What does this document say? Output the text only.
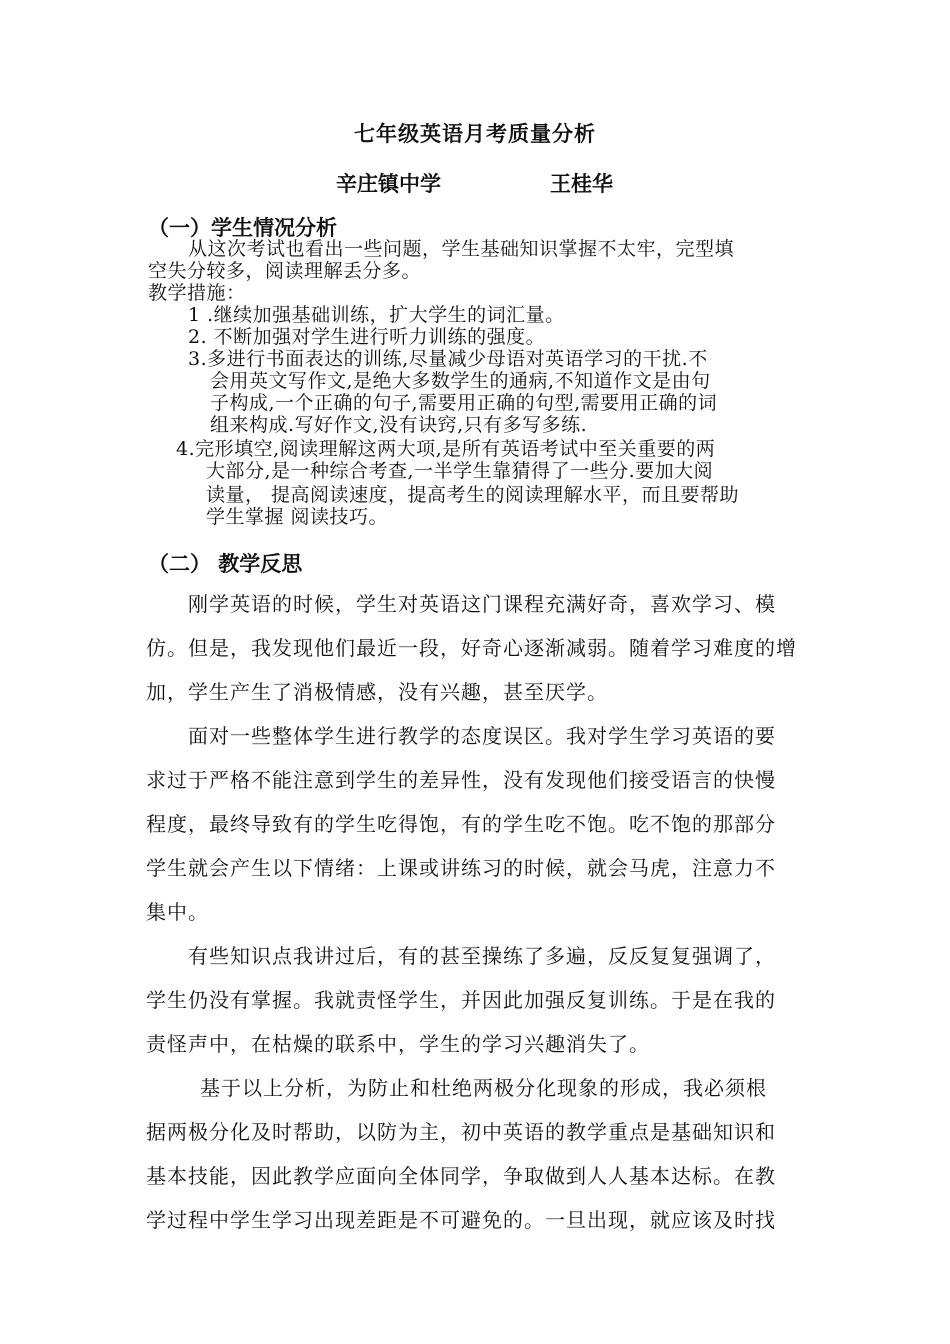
七年级英语月考质量分析
辛庄镇中学	王桂华
（一）学生情况分析
从这次考试也看出一些问题，学生基础知识掌握不太牢，完型填
空失分较多，阅读理解丢分多。
教学措施：
1 .继续加强基础训练，扩大学生的词汇量。
2. 不断加强对学生进行听力训练的强度。
3.多进行书面表达的训练,尽量减少母语对英语学习的干扰.不
会用英文写作文,是绝大多数学生的通病,不知道作文是由句
子构成,一个正确的句子,需要用正确的句型,需要用正确的词
组来构成.写好作文,没有诀窍,只有多写多练.
4.完形填空,阅读理解这两大项,是所有英语考试中至关重要的两
大部分,是一种综合考查,一半学生靠猜得了一些分.要加大阅
读量， 提高阅读速度，提高考生的阅读理解水平，而且要帮助
学生掌握 阅读技巧。
（二） 教学反思
刚学英语的时候，学生对英语这门课程充满好奇，喜欢学习、模
仿。但是，我发现他们最近一段，好奇心逐渐减弱。随着学习难度的增
加，学生产生了消极情感，没有兴趣，甚至厌学。
面对一些整体学生进行教学的态度误区。我对学生学习英语的要
求过于严格不能注意到学生的差异性，没有发现他们接受语言的快慢
程度，最终导致有的学生吃得饱，有的学生吃不饱。吃不饱的那部分
学生就会产生以下情绪：上课或讲练习的时候，就会马虎，注意力不
集中。
有些知识点我讲过后，有的甚至操练了多遍，反反复复强调了，
学生仍没有掌握。我就责怪学生，并因此加强反复训练。于是在我的
责怪声中，在枯燥的联系中，学生的学习兴趣消失了。
基于以上分析，为防止和杜绝两极分化现象的形成，我必须根
据两极分化及时帮助，以防为主，初中英语的教学重点是基础知识和
基本技能，因此教学应面向全体同学，争取做到人人基本达标。在教
学过程中学生学习出现差距是不可避免的。一旦出现，就应该及时找
